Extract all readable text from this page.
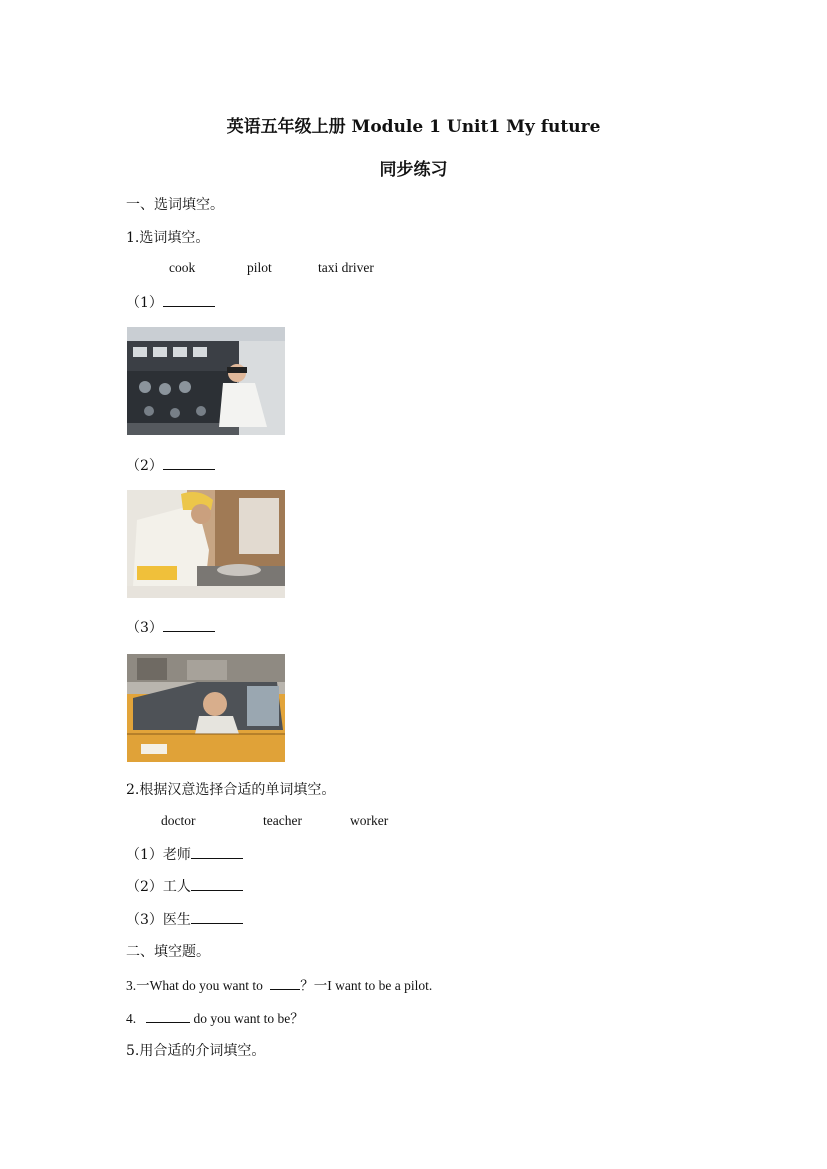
英语五年级上册 Module 1 Unit1 My future
同步练习
一、选词填空。
1.选词填空。
cook	pilot	taxi driver
（1）
（2）
（3）
2.根据汉意选择合适的单词填空。
doctor	teacher	worker
（1）老师
（2）工人
（3）医生
二、填空题。
3.一What do you want to	？一I want to be a pilot.
4.	do you want to be？
5.用合适的介词填空。
